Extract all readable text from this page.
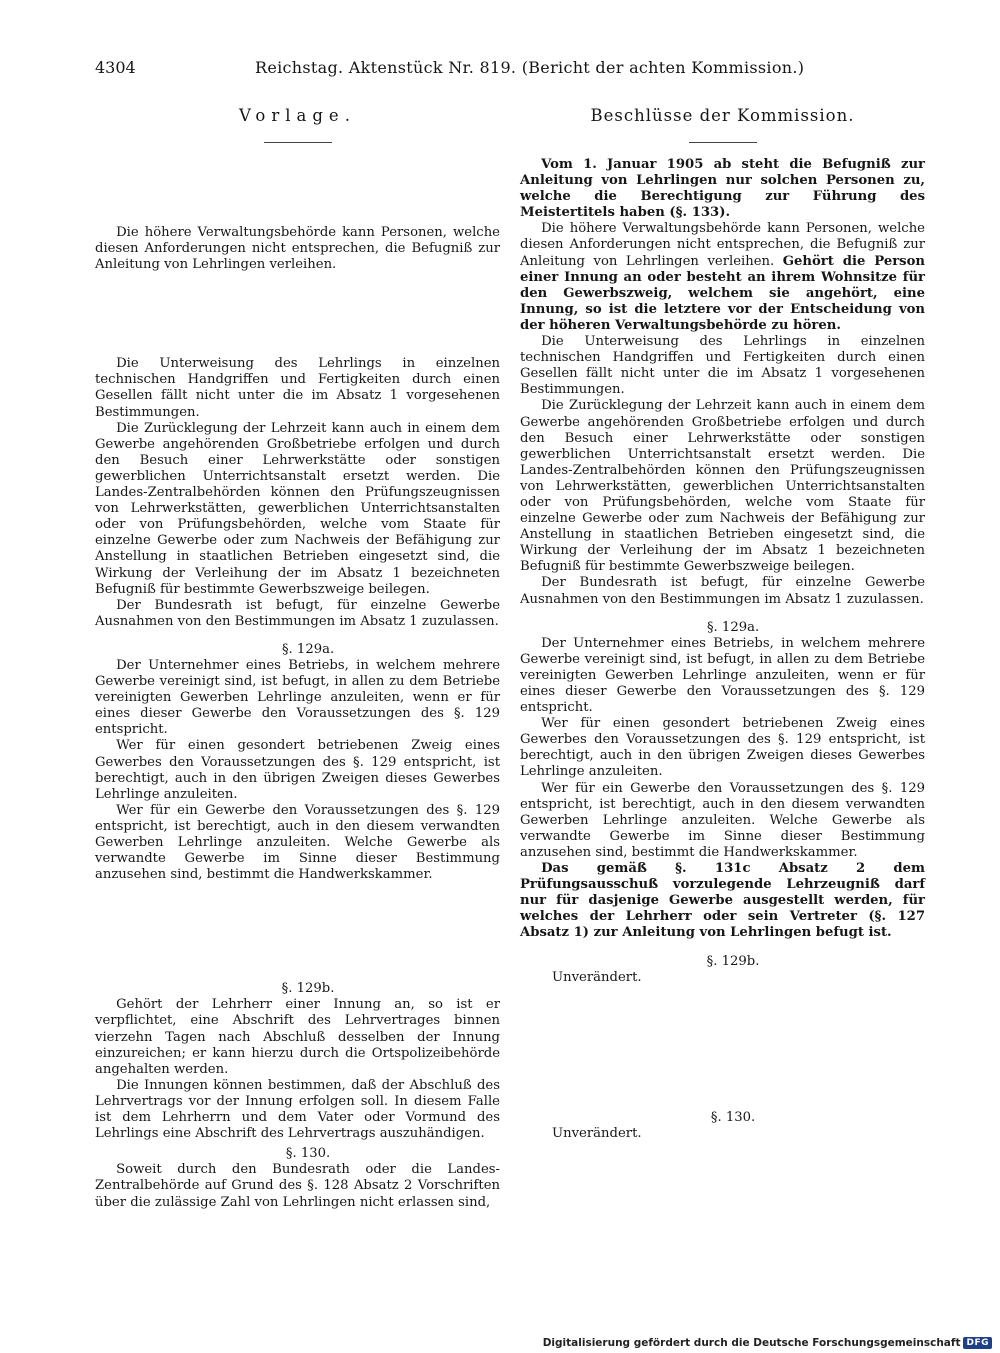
4304	Reichstag. Aktenstück Nr. 819. (Bericht der achten Kommission.)
Vorlage.

Die höhere Verwaltungsbehörde kann Personen, welche diesen Anforderungen nicht entsprechen, die Befugniß zur Anleitung von Lehrlingen verleihen.

Die Unterweisung des Lehrlings in einzelnen technischen Handgriffen und Fertigkeiten durch einen Gesellen fällt nicht unter die im Absatz 1 vorgesehenen Bestimmungen.

Die Zurücklegung der Lehrzeit kann auch in einem dem Gewerbe angehörenden Großbetriebe erfolgen und durch den Besuch einer Lehrwerkstätte oder sonstigen gewerblichen Unterrichtsanstalt ersetzt werden. Die Landes-Zentralbehörden können den Prüfungszeugnissen von Lehrwerkstätten, gewerblichen Unterrichtsanstalten oder von Prüfungsbehörden, welche vom Staate für einzelne Gewerbe oder zum Nachweis der Befähigung zur Anstellung in staatlichen Betrieben eingesetzt sind, die Wirkung der Verleihung der im Absatz 1 bezeichneten Befugniß für bestimmte Gewerbszweige beilegen.

Der Bundesrath ist befugt, für einzelne Gewerbe Ausnahmen von den Bestimmungen im Absatz 1 zuzulassen.

§. 129a.

Der Unternehmer eines Betriebs, in welchem mehrere Gewerbe vereinigt sind, ist befugt, in allen zu dem Betriebe vereinigten Gewerben Lehrlinge anzuleiten, wenn er für eines dieser Gewerbe den Voraussetzungen des §. 129 entspricht.

Wer für einen gesondert betriebenen Zweig eines Gewerbes den Voraussetzungen des §. 129 entspricht, ist berechtigt, auch in den übrigen Zweigen dieses Gewerbes Lehrlinge anzuleiten.

Wer für ein Gewerbe den Voraussetzungen des §. 129 entspricht, ist berechtigt, auch in den diesem verwandten Gewerben Lehrlinge anzuleiten. Welche Gewerbe als verwandte Gewerbe im Sinne dieser Bestimmung anzusehen sind, bestimmt die Handwerkskammer.

§. 129b.

Gehört der Lehrherr einer Innung an, so ist er verpflichtet, eine Abschrift des Lehrvertrages binnen vierzehn Tagen nach Abschluß desselben der Innung einzureichen; er kann hierzu durch die Ortspolizeibehörde angehalten werden.

Die Innungen können bestimmen, daß der Abschluß des Lehrvertrags vor der Innung erfolgen soll. In diesem Falle ist dem Lehrherrn und dem Vater oder Vormund des Lehrlings eine Abschrift des Lehrvertrags auszuhändigen.

§. 130.

Soweit durch den Bundesrath oder die Landes-Zentralbehörde auf Grund des §. 128 Absatz 2 Vorschriften über die zulässige Zahl von Lehrlingen nicht erlassen sind,

Beschlüsse der Kommission.

Vom 1. Januar 1905 ab steht die Befugniß zur Anleitung von Lehrlingen nur solchen Personen zu, welche die Berechtigung zur Führung des Meistertitels haben (§. 133).

Die höhere Verwaltungsbehörde kann Personen, welche diesen Anforderungen nicht entsprechen, die Befugniß zur Anleitung von Lehrlingen verleihen. Gehört die Person einer Innung an oder besteht an ihrem Wohnsitze für den Gewerbszweig, welchem sie angehört, eine Innung, so ist die letztere vor der Entscheidung von der höheren Verwaltungsbehörde zu hören.

Die Unterweisung des Lehrlings in einzelnen technischen Handgriffen und Fertigkeiten durch einen Gesellen fällt nicht unter die im Absatz 1 vorgesehenen Bestimmungen.

Die Zurücklegung der Lehrzeit kann auch in einem dem Gewerbe angehörenden Großbetriebe erfolgen und durch den Besuch einer Lehrwerkstätte oder sonstigen gewerblichen Unterrichtsanstalt ersetzt werden. Die Landes-Zentralbehörden können den Prüfungszeugnissen von Lehrwerkstätten, gewerblichen Unterrichtsanstalten oder von Prüfungsbehörden, welche vom Staate für einzelne Gewerbe oder zum Nachweis der Befähigung zur Anstellung in staatlichen Betrieben eingesetzt sind, die Wirkung der Verleihung der im Absatz 1 bezeichneten Befugniß für bestimmte Gewerbszweige beilegen.

Der Bundesrath ist befugt, für einzelne Gewerbe Ausnahmen von den Bestimmungen im Absatz 1 zuzulassen.

§. 129a.

Der Unternehmer eines Betriebs, in welchem mehrere Gewerbe vereinigt sind, ist befugt, in allen zu dem Betriebe vereinigten Gewerben Lehrlinge anzuleiten, wenn er für eines dieser Gewerbe den Voraussetzungen des §. 129 entspricht.

Wer für einen gesondert betriebenen Zweig eines Gewerbes den Voraussetzungen des §. 129 entspricht, ist berechtigt, auch in den übrigen Zweigen dieses Gewerbes Lehrlinge anzuleiten.

Wer für ein Gewerbe den Voraussetzungen des §. 129 entspricht, ist berechtigt, auch in den diesem verwandten Gewerben Lehrlinge anzuleiten. Welche Gewerbe als verwandte Gewerbe im Sinne dieser Bestimmung anzusehen sind, bestimmt die Handwerkskammer.

Das gemäß §. 131c Absatz 2 dem Prüfungsausschuß vorzulegende Lehrzeugniß darf nur für dasjenige Gewerbe ausgestellt werden, für welches der Lehrherr oder sein Vertreter (§. 127 Absatz 1) zur Anleitung von Lehrlingen befugt ist.

§. 129b.

Unverändert.

§. 130.

Unverändert.

Digitalisierung gefördert durch die Deutsche Forschungsgemeinschaft DFG
